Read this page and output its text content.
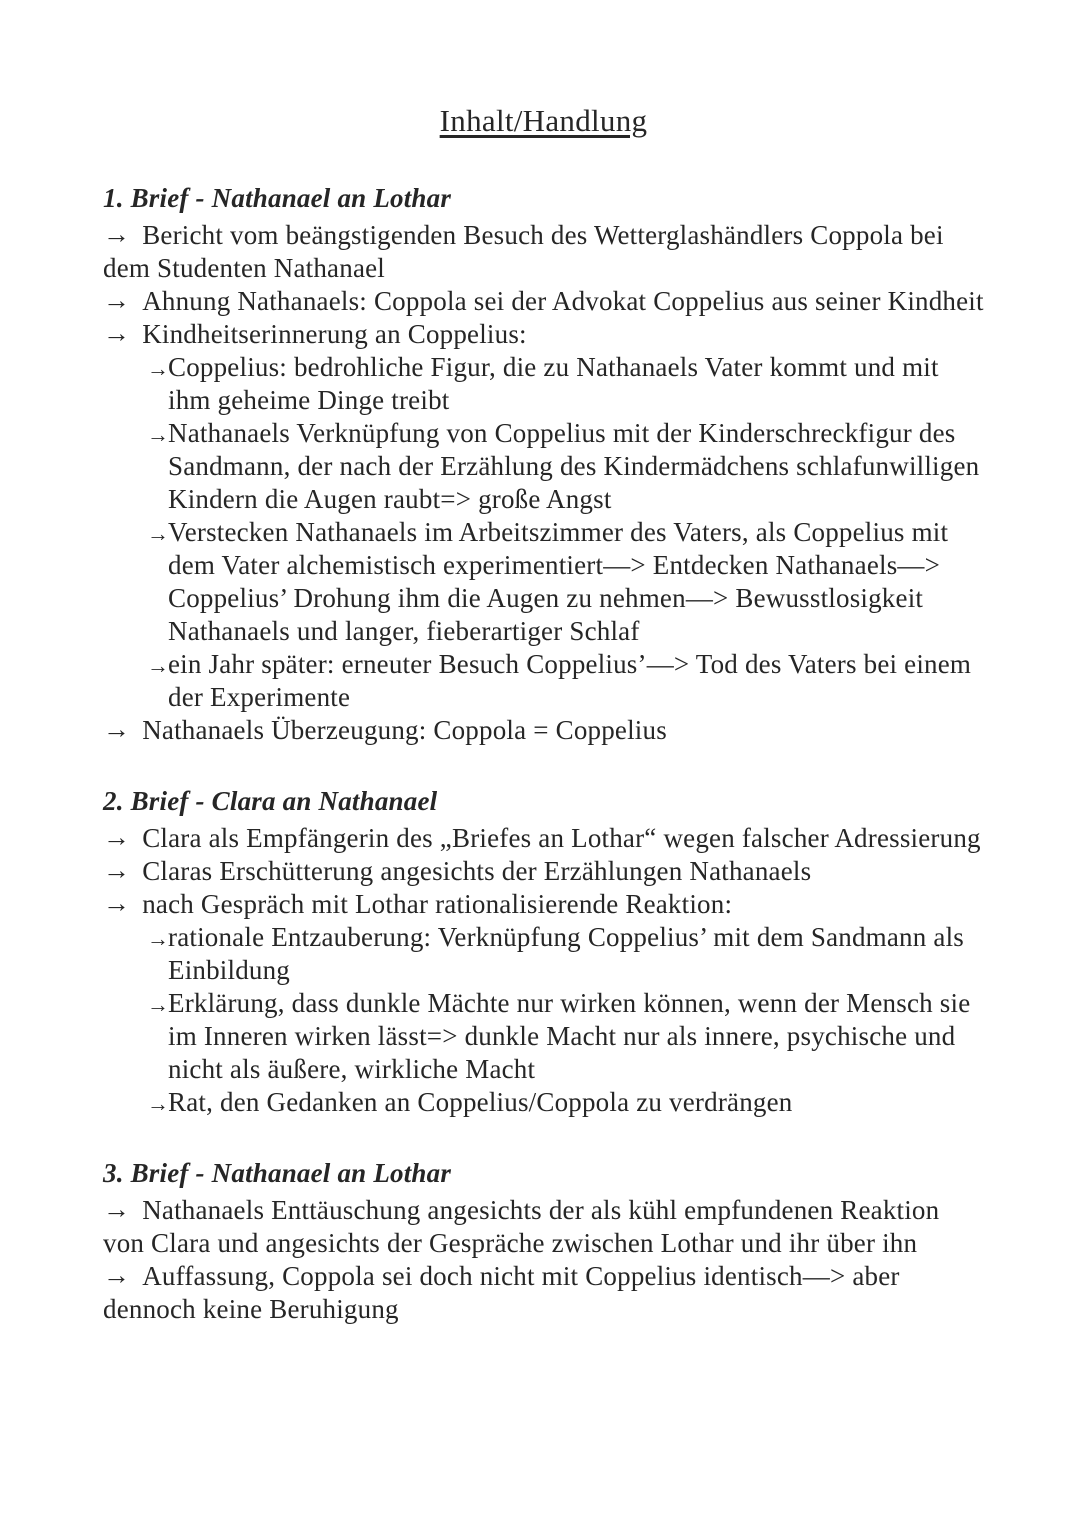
Inhalt/Handlung
1. Brief - Nathanael an Lothar
→ Bericht vom beängstigenden Besuch des Wetterglashändlers Coppola bei dem Studenten Nathanael
→ Ahnung Nathanaels: Coppola sei der Advokat Coppelius aus seiner Kindheit
→ Kindheitserinnerung an Coppelius:
→
Coppelius: bedrohliche Figur, die zu Nathanaels Vater kommt und mit ihm geheime Dinge treibt
→
Nathanaels Verknüpfung von Coppelius mit der Kinderschreckfigur des Sandmann, der nach der Erzählung des Kindermädchens schlafunwilligen Kindern die Augen raubt=> große Angst
→
Verstecken Nathanaels im Arbeitszimmer des Vaters, als Coppelius mit dem Vater alchemistisch experimentiert—> Entdecken Nathanaels—> Coppelius’ Drohung ihm die Augen zu nehmen—> Bewusstlosigkeit Nathanaels und langer, fieberartiger Schlaf
→
ein Jahr später: erneuter Besuch Coppelius’—> Tod des Vaters bei einem der Experimente
→ Nathanaels Überzeugung: Coppola = Coppelius
2. Brief - Clara an Nathanael
→ Clara als Empfängerin des „Briefes an Lothar“ wegen falscher Adressierung
→ Claras Erschütterung angesichts der Erzählungen Nathanaels
→ nach Gespräch mit Lothar rationalisierende Reaktion:
→
rationale Entzauberung: Verknüpfung Coppelius’ mit dem Sandmann als Einbildung
→
Erklärung, dass dunkle Mächte nur wirken können, wenn der Mensch sie im Inneren wirken lässt=> dunkle Macht nur als innere, psychische und nicht als äußere, wirkliche Macht
→
Rat, den Gedanken an Coppelius/Coppola zu verdrängen
3. Brief - Nathanael an Lothar
→ Nathanaels Enttäuschung angesichts der als kühl empfundenen Reaktion von Clara und angesichts der Gespräche zwischen Lothar und ihr über ihn
→ Auffassung, Coppola sei doch nicht mit Coppelius identisch—> aber dennoch keine Beruhigung
